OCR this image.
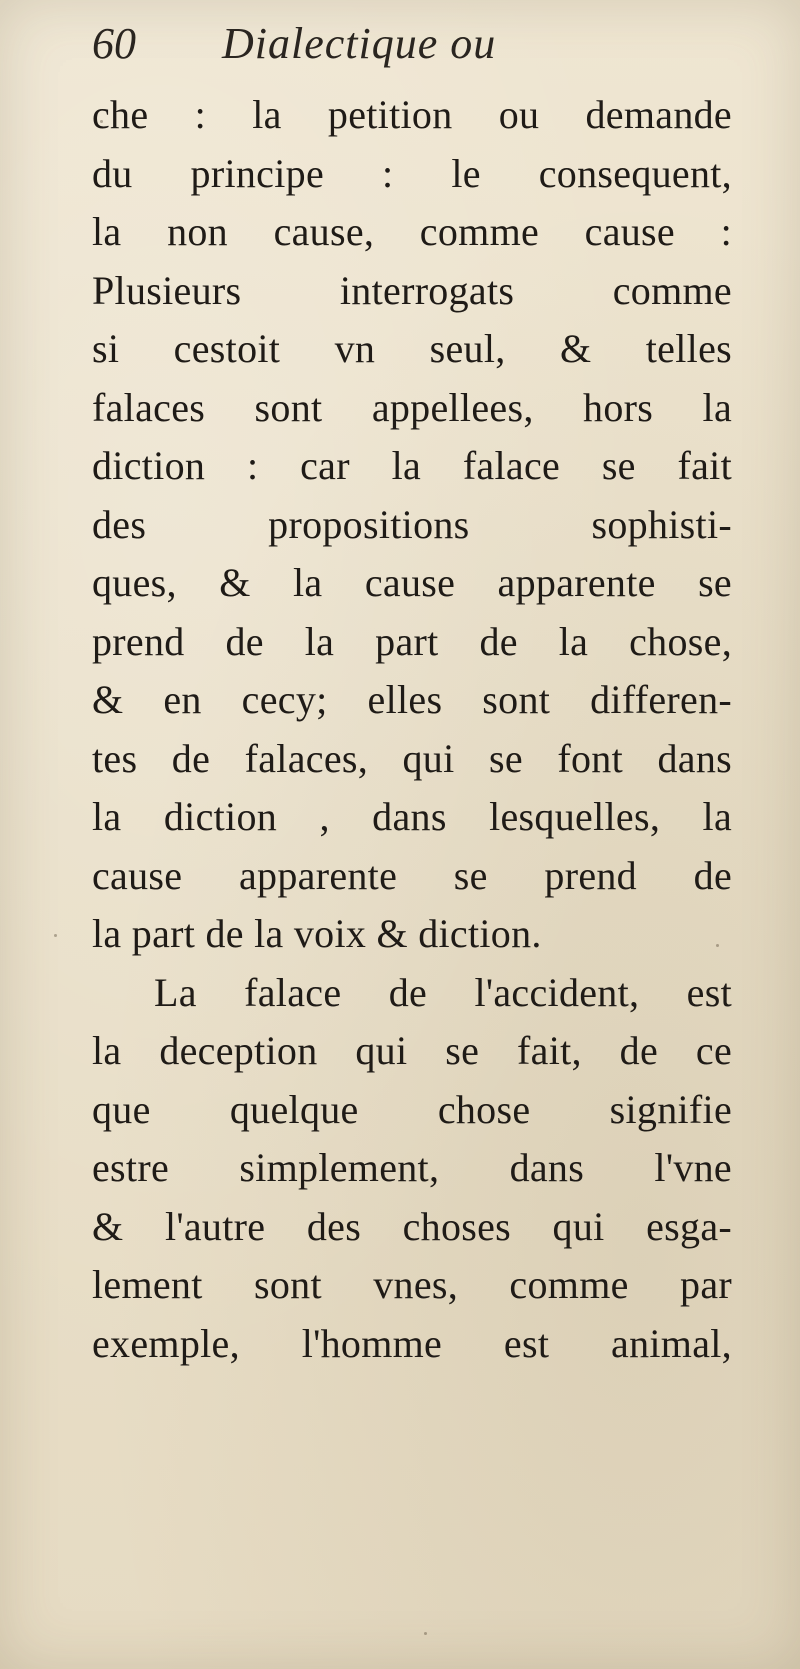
60 Dialectique ou
che : la petition ou demande
du principe : le consequent,
la non cause, comme cause :
Plusieurs interrogats comme
si cestoit vn seul, & telles
falaces sont appellees, hors la
diction : car la falace se fait
des propositions sophisti-
ques, & la cause apparente se
prend de la part de la chose,
& en cecy; elles sont differen-
tes de falaces, qui se font dans
la diction , dans lesquelles, la
cause apparente se prend de
la part de la voix & diction.
La falace de l'accident, est
la deception qui se fait, de ce
que quelque chose signifie
estre simplement, dans l'vne
& l'autre des choses qui esga-
lement sont vnes, comme par
exemple, l'homme est animal,
